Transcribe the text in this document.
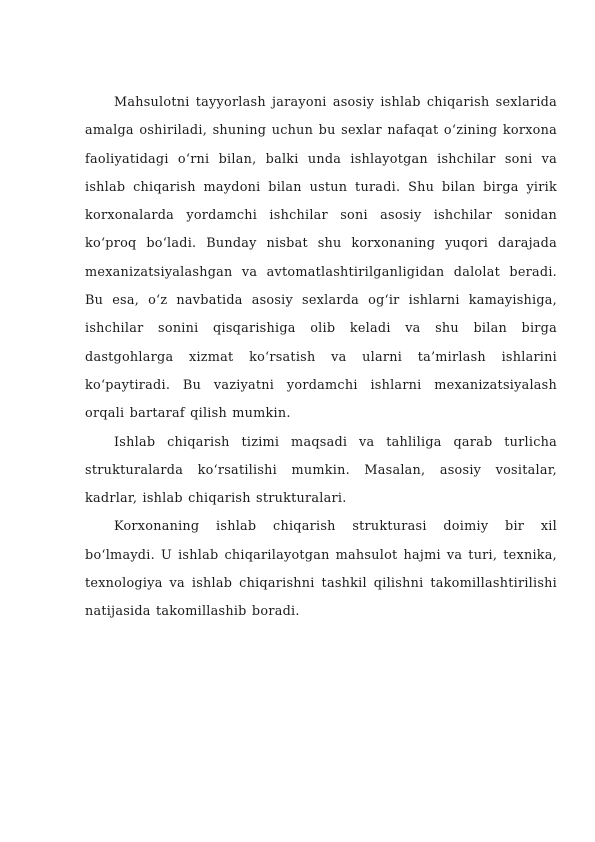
Mahsulotni tayyorlash jarayoni asosiy ishlab chiqarish sexlarida amalga oshiriladi, shuning uchun bu sexlar nafaqat o‘zining korxona faoliyatidagi o‘rni bilan, balki unda ishlayotgan ishchilar soni va ishlab chiqarish maydoni bilan ustun turadi. Shu bilan birga yirik korxonalarda yordamchi ishchilar soni asosiy ishchilar sonidan ko‘proq bo‘ladi. Bunday nisbat shu korxonaning yuqori darajada mexanizatsiyalashgan va avtomatlashtirilganligidan dalolat beradi. Bu esa, o‘z navbatida asosiy sexlarda og‘ir ishlarni kamayishiga, ishchilar sonini qisqarishiga olib keladi va shu bilan birga dastgohlarga xizmat ko‘rsatish va ularni ta’mirlash ishlarini ko‘paytiradi. Bu vaziyatni yordamchi ishlarni mexanizatsiyalash orqali bartaraf qilish mumkin.

Ishlab chiqarish tizimi maqsadi va tahliliga qarab turlicha strukturalarda ko‘rsatilishi mumkin. Masalan, asosiy vositalar, kadrlar, ishlab chiqarish strukturalari.

Korxonaning ishlab chiqarish strukturasi doimiy bir xil bo‘lmaydi. U ishlab chiqarilayotgan mahsulot hajmi va turi, texnika, texnologiya va ishlab chiqarishni tashkil qilishni takomillashtirilishi natijasida takomillashib boradi.
